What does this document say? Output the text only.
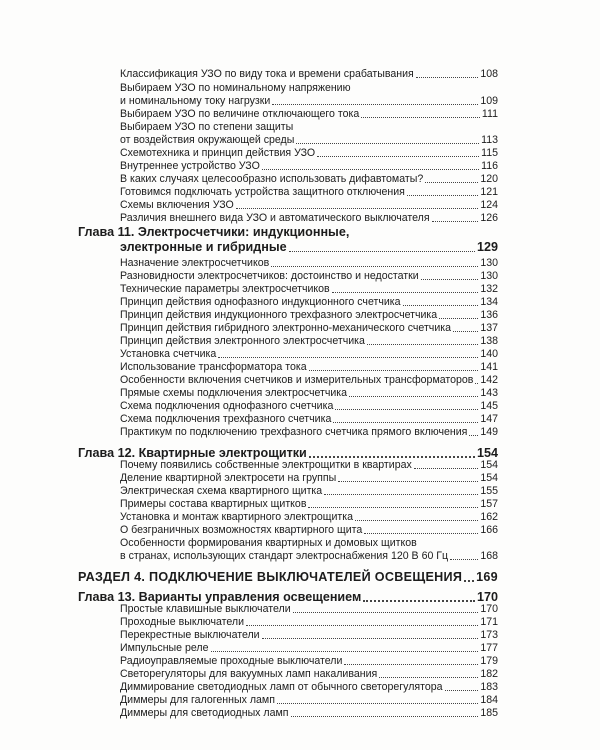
Классификация УЗО по виду тока и времени срабатывания	108
Выбираем УЗО по номинальному напряжению
и номинальному току нагрузки	109
Выбираем УЗО по величине отключающего тока	111
Выбираем УЗО по степени защиты
от воздействия окружающей среды	113
Схемотехника и принцип действия УЗО	115
Внутреннее устройство УЗО	116
В каких случаях целесообразно использовать дифавтоматы?	120
Готовимся подключать устройства защитного отключения	121
Схемы включения УЗО	124
Различия внешнего вида УЗО и автоматического выключателя	126
Глава 11. Электросчетчики: индукционные,
электронные и гибридные	129
Назначение электросчетчиков	130
Разновидности электросчетчиков: достоинство и недостатки	130
Технические параметры электросчетчиков	132
Принцип действия однофазного индукционного счетчика	134
Принцип действия индукционного трехфазного электросчетчика	136
Принцип действия гибридного электронно-механического счетчика	137
Принцип действия электронного электросчетчика	138
Установка счетчика	140
Использование трансформатора тока	141
Особенности включения счетчиков и измерительных трансформаторов 142
Прямые схемы подключения электросчетчика	143
Схема подключения однофазного счетчика	145
Схема подключения трехфазного счетчика	147
Практикум по подключению трехфазного счетчика прямого включения 149
Глава 12. Квартирные электрощитки	154
Почему появились собственные электрощитки в квартирах	154
Деление квартирной электросети на группы	154
Электрическая схема квартирного щитка	155
Примеры состава квартирных щитков	157
Установка и монтаж квартирного электрощитка	162
О безграничных возможностях квартирного щита	166
Особенности формирования квартирных и домовых щитков
в странах, использующих стандарт электроснабжения 120 В 60 Гц	168
РАЗДЕЛ 4. ПОДКЛЮЧЕНИЕ ВЫКЛЮЧАТЕЛЕЙ ОСВЕЩЕНИЯ 169
Глава 13. Варианты управления освещением	170
Простые клавишные выключатели	170
Проходные выключатели	171
Перекрестные выключатели	173
Импульсные реле	177
Радиоуправляемые проходные выключатели	179
Светорегуляторы для вакуумных ламп накаливания	182
Диммирование светодиодных ламп от обычного светорегулятора	183
Диммеры для галогенных ламп	184
Диммеры для светодиодных ламп	185
